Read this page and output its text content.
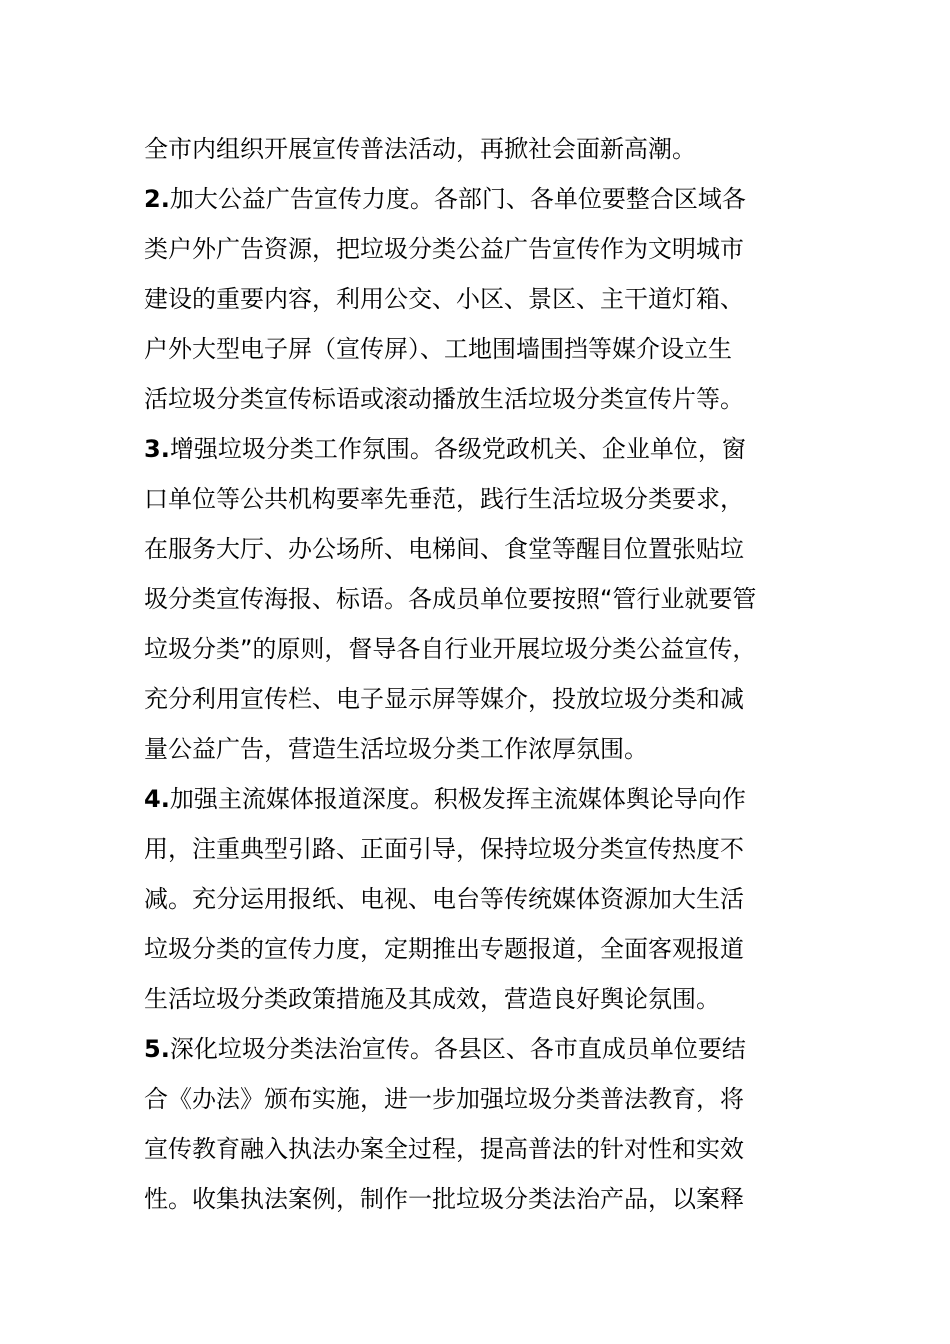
全市内组织开展宣传普法活动，再掀社会面新高潮。
2.加大公益广告宣传力度。各部门、各单位要整合区域各
类户外广告资源，把垃圾分类公益广告宣传作为文明城市
建设的重要内容，利用公交、小区、景区、主干道灯箱、
户外大型电子屏（宣传屏）、工地围墙围挡等媒介设立生
活垃圾分类宣传标语或滚动播放生活垃圾分类宣传片等。
3.增强垃圾分类工作氛围。各级党政机关、企业单位，窗
口单位等公共机构要率先垂范，践行生活垃圾分类要求，
在服务大厅、办公场所、电梯间、食堂等醒目位置张贴垃
圾分类宣传海报、标语。各成员单位要按照“管行业就要管
垃圾分类”的原则，督导各自行业开展垃圾分类公益宣传，
充分利用宣传栏、电子显示屏等媒介，投放垃圾分类和减
量公益广告，营造生活垃圾分类工作浓厚氛围。
4.加强主流媒体报道深度。积极发挥主流媒体舆论导向作
用，注重典型引路、正面引导，保持垃圾分类宣传热度不
减。充分运用报纸、电视、电台等传统媒体资源加大生活
垃圾分类的宣传力度，定期推出专题报道，全面客观报道
生活垃圾分类政策措施及其成效，营造良好舆论氛围。
5.深化垃圾分类法治宣传。各县区、各市直成员单位要结
合《办法》颁布实施，进一步加强垃圾分类普法教育，将
宣传教育融入执法办案全过程，提高普法的针对性和实效
性。收集执法案例，制作一批垃圾分类法治产品，以案释
